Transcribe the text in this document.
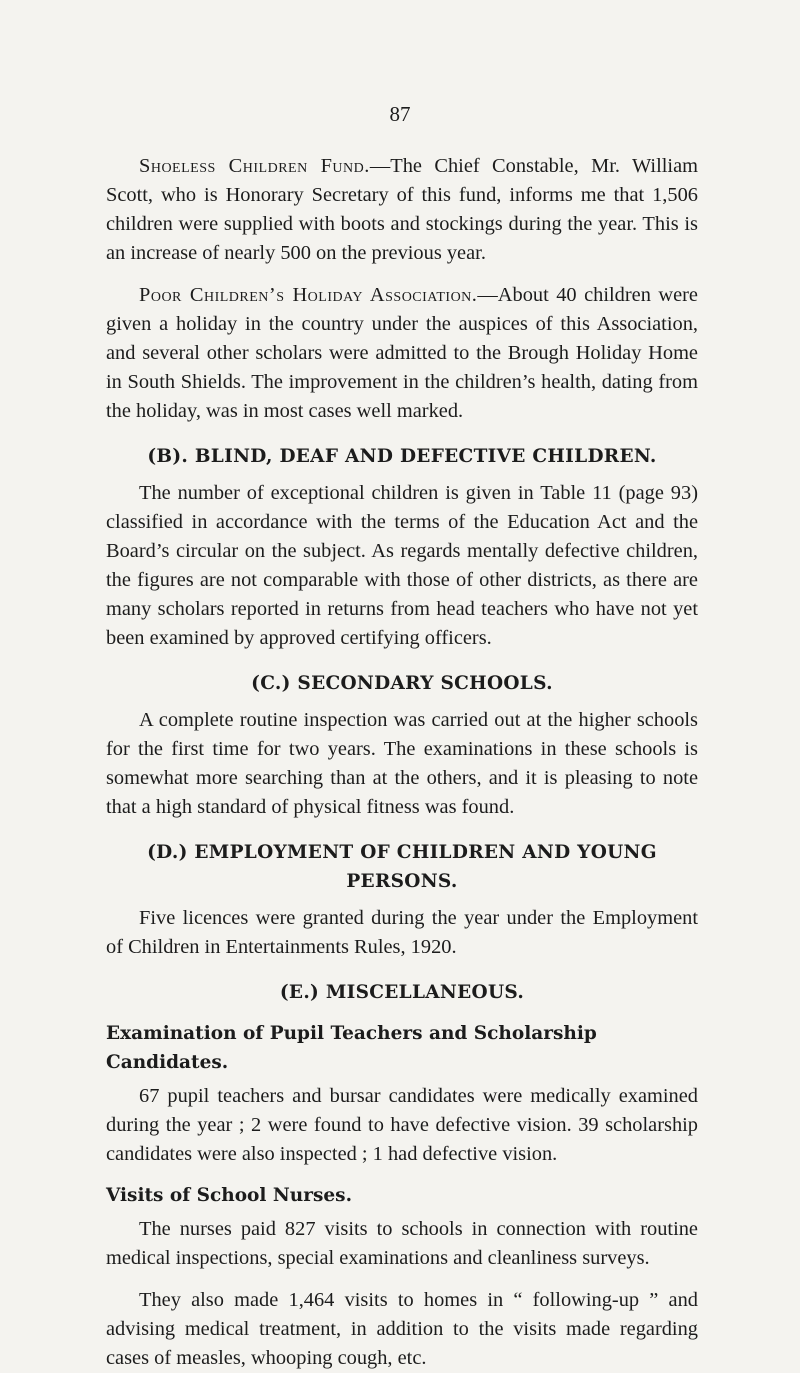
87

Shoeless Children Fund.—The Chief Constable, Mr. William Scott, who is Honorary Secretary of this fund, informs me that 1,506 children were supplied with boots and stockings during the year. This is an increase of nearly 500 on the previous year.

Poor Children’s Holiday Association.—About 40 children were given a holiday in the country under the auspices of this Association, and several other scholars were admitted to the Brough Holiday Home in South Shields. The improvement in the children’s health, dating from the holiday, was in most cases well marked.

(B). BLIND, DEAF AND DEFECTIVE CHILDREN.

The number of exceptional children is given in Table 11 (page 93) classified in accordance with the terms of the Education Act and the Board’s circular on the subject. As regards mentally defective children, the figures are not comparable with those of other districts, as there are many scholars reported in returns from head teachers who have not yet been examined by approved certifying officers.

(C.) SECONDARY SCHOOLS.

A complete routine inspection was carried out at the higher schools for the first time for two years. The examinations in these schools is somewhat more searching than at the others, and it is pleasing to note that a high standard of physical fitness was found.

(D.) EMPLOYMENT OF CHILDREN AND YOUNG PERSONS.

Five licences were granted during the year under the Employment of Children in Entertainments Rules, 1920.

(E.) MISCELLANEOUS.
Examination of Pupil Teachers and Scholarship Candidates.

67 pupil teachers and bursar candidates were medically examined during the year ; 2 were found to have defective vision. 39 scholarship candidates were also inspected ; 1 had defective vision.

Visits of School Nurses.

The nurses paid 827 visits to schools in connection with routine medical inspections, special examinations and cleanliness surveys.

They also made 1,464 visits to homes in “ following-up ” and advising medical treatment, in addition to the visits made regarding cases of measles, whooping cough, etc.
